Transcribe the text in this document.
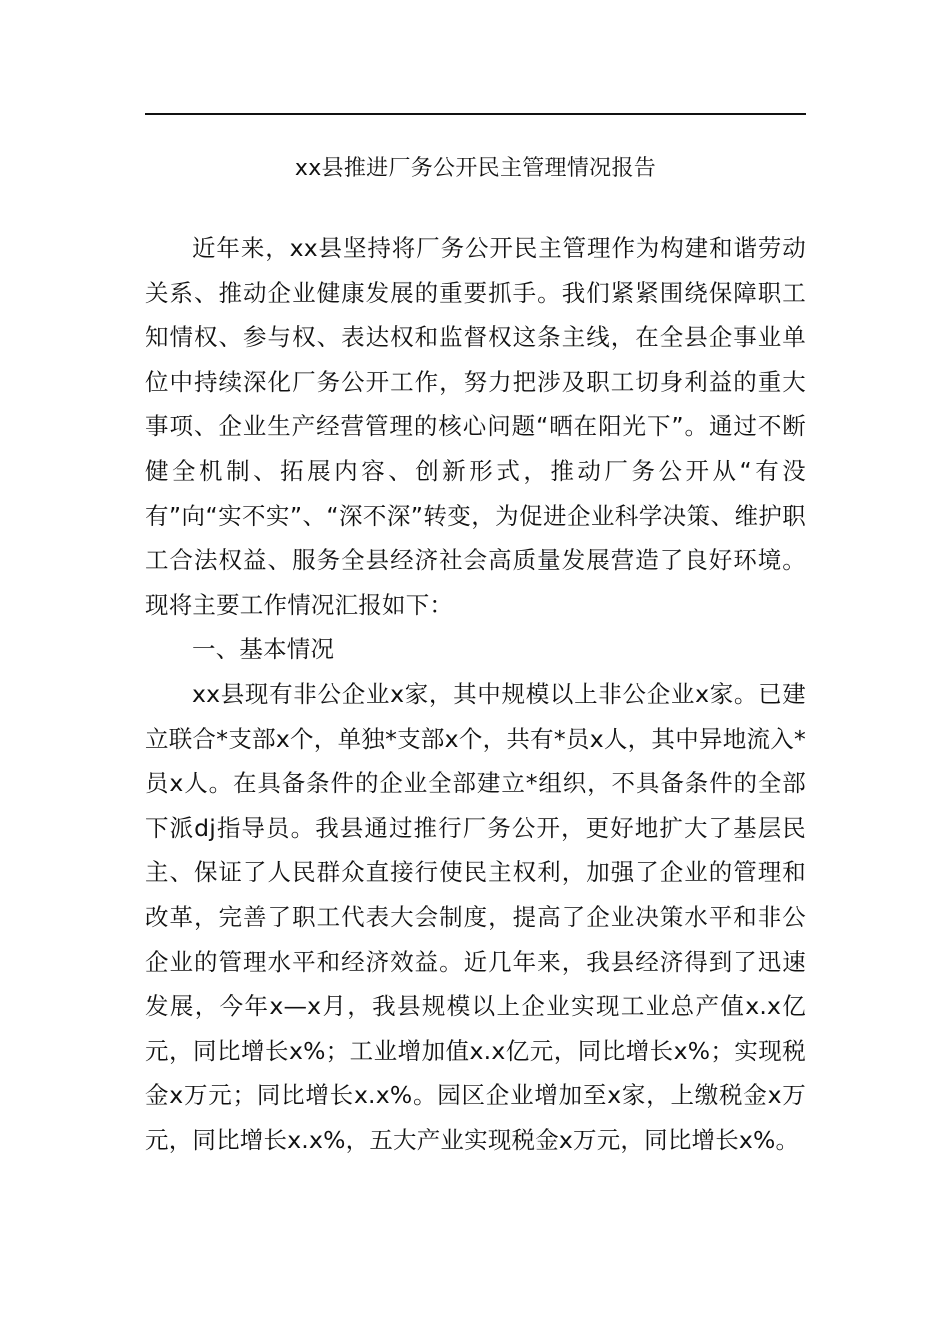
xx县推进厂务公开民主管理情况报告

近年来，xx县坚持将厂务公开民主管理作为构建和谐劳动关系、推动企业健康发展的重要抓手。我们紧紧围绕保障职工知情权、参与权、表达权和监督权这条主线，在全县企事业单位中持续深化厂务公开工作，努力把涉及职工切身利益的重大事项、企业生产经营管理的核心问题“晒在阳光下”。通过不断健全机制、拓展内容、创新形式，推动厂务公开从“有没有”向“实不实”、“深不深”转变，为促进企业科学决策、维护职工合法权益、服务全县经济社会高质量发展营造了良好环境。现将主要工作情况汇报如下：

一、基本情况

xx县现有非公企业x家，其中规模以上非公企业x家。已建立联合*支部x个，单独*支部x个，共有*员x人，其中异地流入*员x人。在具备条件的企业全部建立*组织，不具备条件的全部下派dj指导员。我县通过推行厂务公开，更好地扩大了基层民主、保证了人民群众直接行使民主权利，加强了企业的管理和改革，完善了职工代表大会制度，提高了企业决策水平和非公企业的管理水平和经济效益。近几年来，我县经济得到了迅速发展，今年x—x月，我县规模以上企业实现工业总产值x.x亿元，同比增长x%；工业增加值x.x亿元，同比增长x%；实现税金x万元；同比增长x.x%。园区企业增加至x家，上缴税金x万元，同比增长x.x%，五大产业实现税金x万元，同比增长x%。
